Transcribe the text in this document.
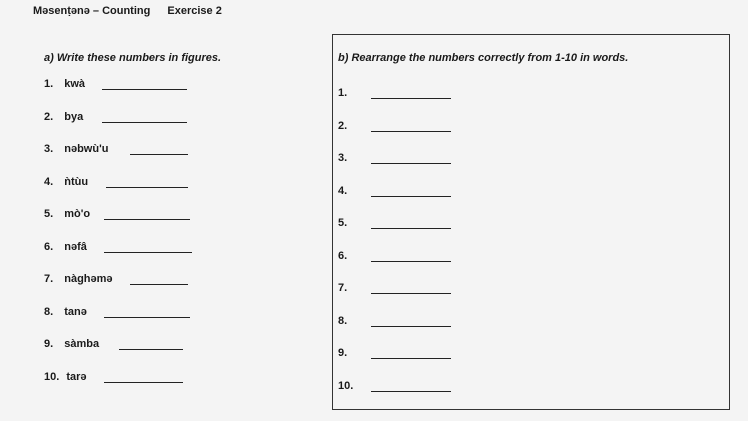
Məsenṭənə – Counting Exercise 2
a) Write these numbers in figures.
1. kwà
2. bya
3. nəbwù'u
4. ǹtùu
5. mò'o
6. nəfâ
7. nàghəmə
8. tanə
9. sàmba
10. tarə
b) Rearrange the numbers correctly from 1-10 in words.
1.
2.
3.
4.
5.
6.
7.
8.
9.
10.
